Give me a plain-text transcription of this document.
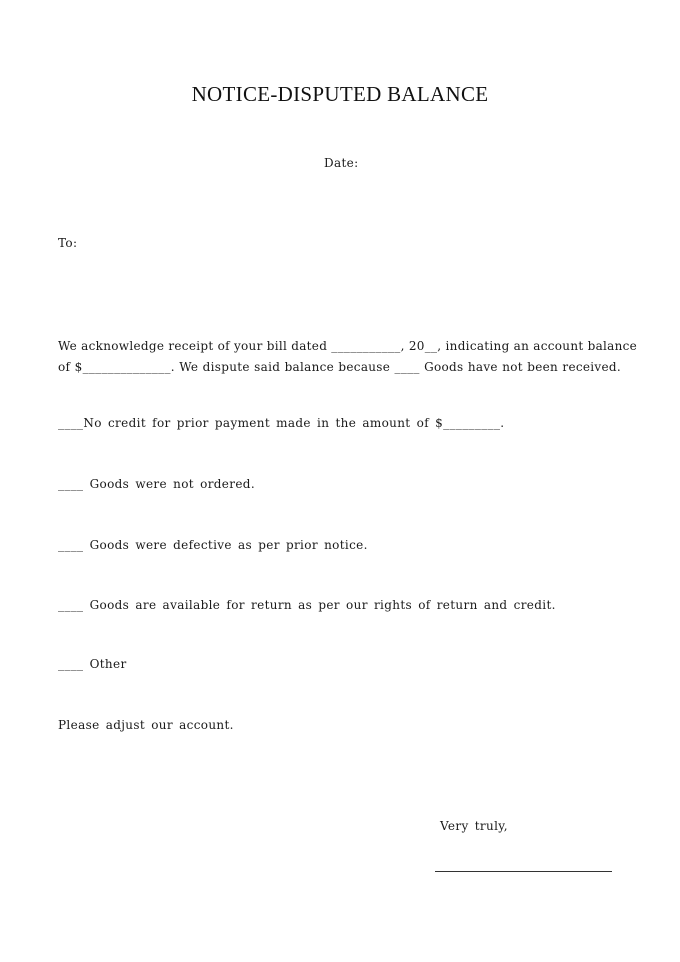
NOTICE-DISPUTED BALANCE
Date:
To:
We acknowledge receipt of your bill dated ___________, 20__, indicating an account balance
of $______________. We dispute said balance because ____ Goods have not been received.
____No credit for prior payment made in the amount of $_________.
____ Goods were not ordered.
____ Goods were defective as per prior notice.
____ Goods are available for return as per our rights of return and credit.
____ Other
Please adjust our account.
Very truly,
